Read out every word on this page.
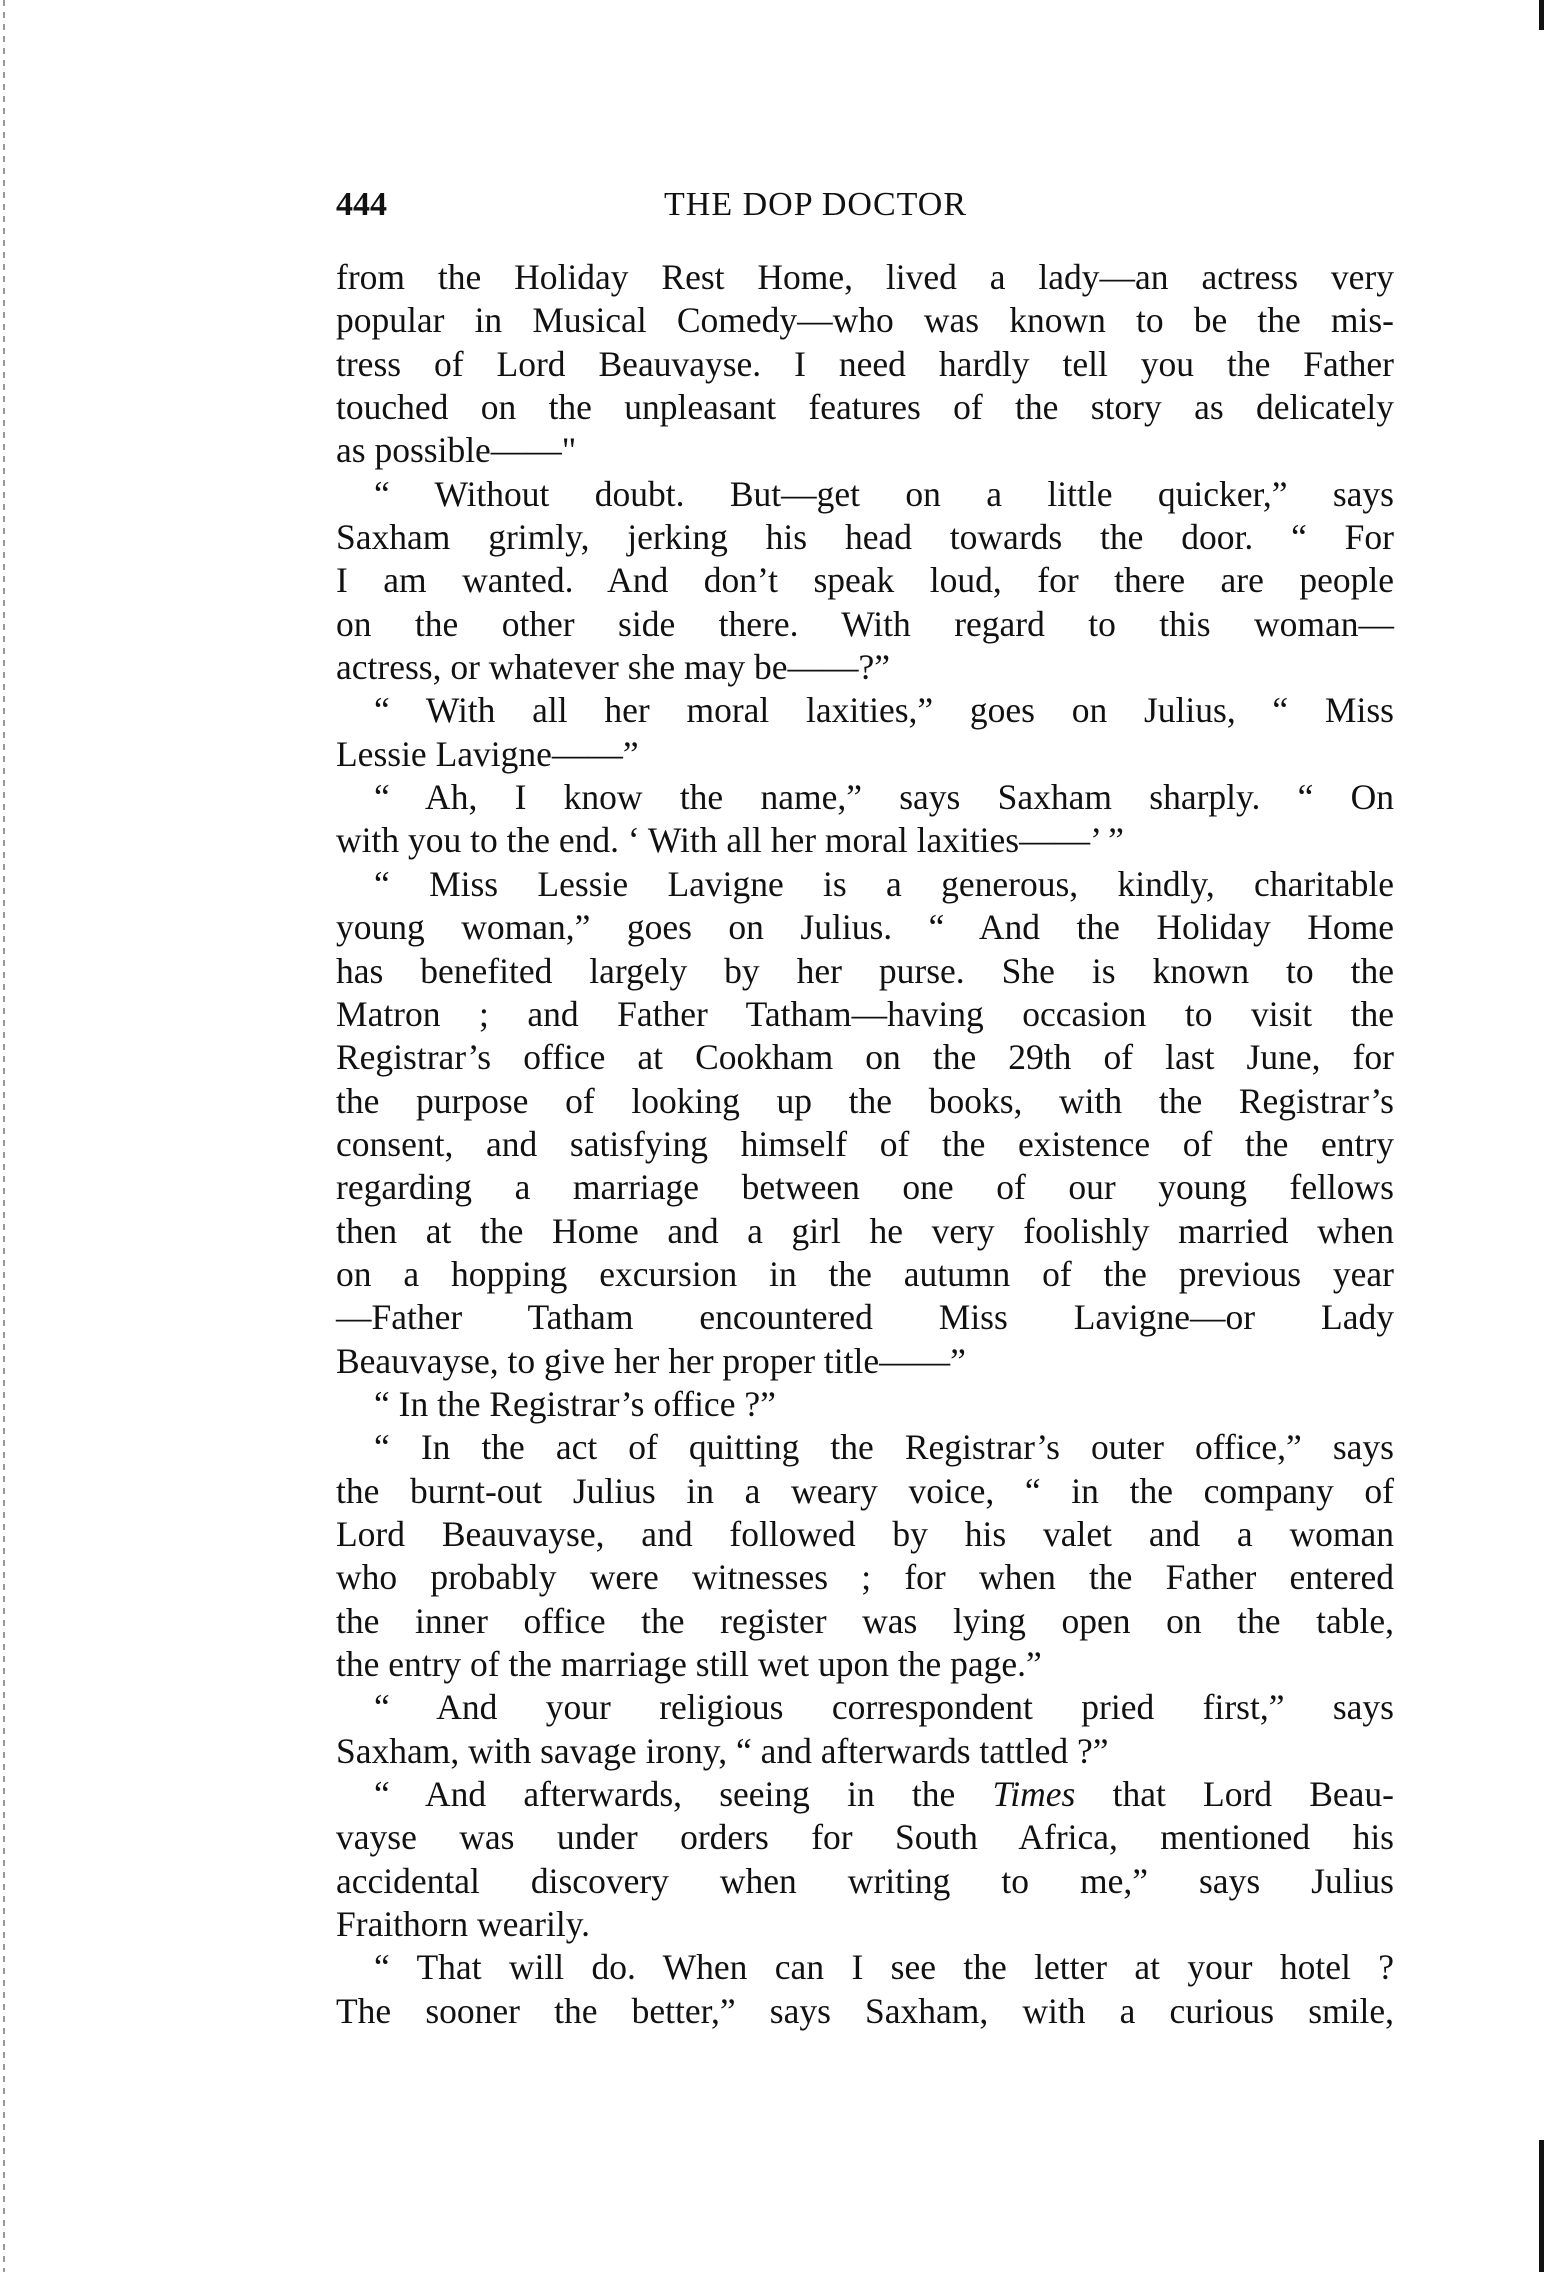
444	THE DOP DOCTOR
from the Holiday Rest Home, lived a lady—an actress very
popular in Musical Comedy—who was known to be the mis-
tress of Lord Beauvayse. I need hardly tell you the Father
touched on the unpleasant features of the story as delicately
as possible——"
“ Without doubt. But—get on a little quicker,” says
Saxham grimly, jerking his head towards the door. “ For
I am wanted. And don’t speak loud, for there are people
on the other side there. With regard to this woman—
actress, or whatever she may be——?”
“ With all her moral laxities,” goes on Julius, “ Miss
Lessie Lavigne——”
“ Ah, I know the name,” says Saxham sharply. “ On
with you to the end. ‘ With all her moral laxities——’ ”
“ Miss Lessie Lavigne is a generous, kindly, charitable
young woman,” goes on Julius. “ And the Holiday Home
has benefited largely by her purse. She is known to the
Matron ; and Father Tatham—having occasion to visit the
Registrar’s office at Cookham on the 29th of last June, for
the purpose of looking up the books, with the Registrar’s
consent, and satisfying himself of the existence of the entry
regarding a marriage between one of our young fellows
then at the Home and a girl he very foolishly married when
on a hopping excursion in the autumn of the previous year
—Father Tatham encountered Miss Lavigne—or Lady
Beauvayse, to give her her proper title——”
“ In the Registrar’s office ?”
“ In the act of quitting the Registrar’s outer office,” says
the burnt-out Julius in a weary voice, “ in the company of
Lord Beauvayse, and followed by his valet and a woman
who probably were witnesses ; for when the Father entered
the inner office the register was lying open on the table,
the entry of the marriage still wet upon the page.”
“ And your religious correspondent pried first,” says
Saxham, with savage irony, “ and afterwards tattled ?”
“ And afterwards, seeing in the Times that Lord Beau-
vayse was under orders for South Africa, mentioned his
accidental discovery when writing to me,” says Julius
Fraithorn wearily.
“ That will do. When can I see the letter at your hotel ?
The sooner the better,” says Saxham, with a curious smile,
